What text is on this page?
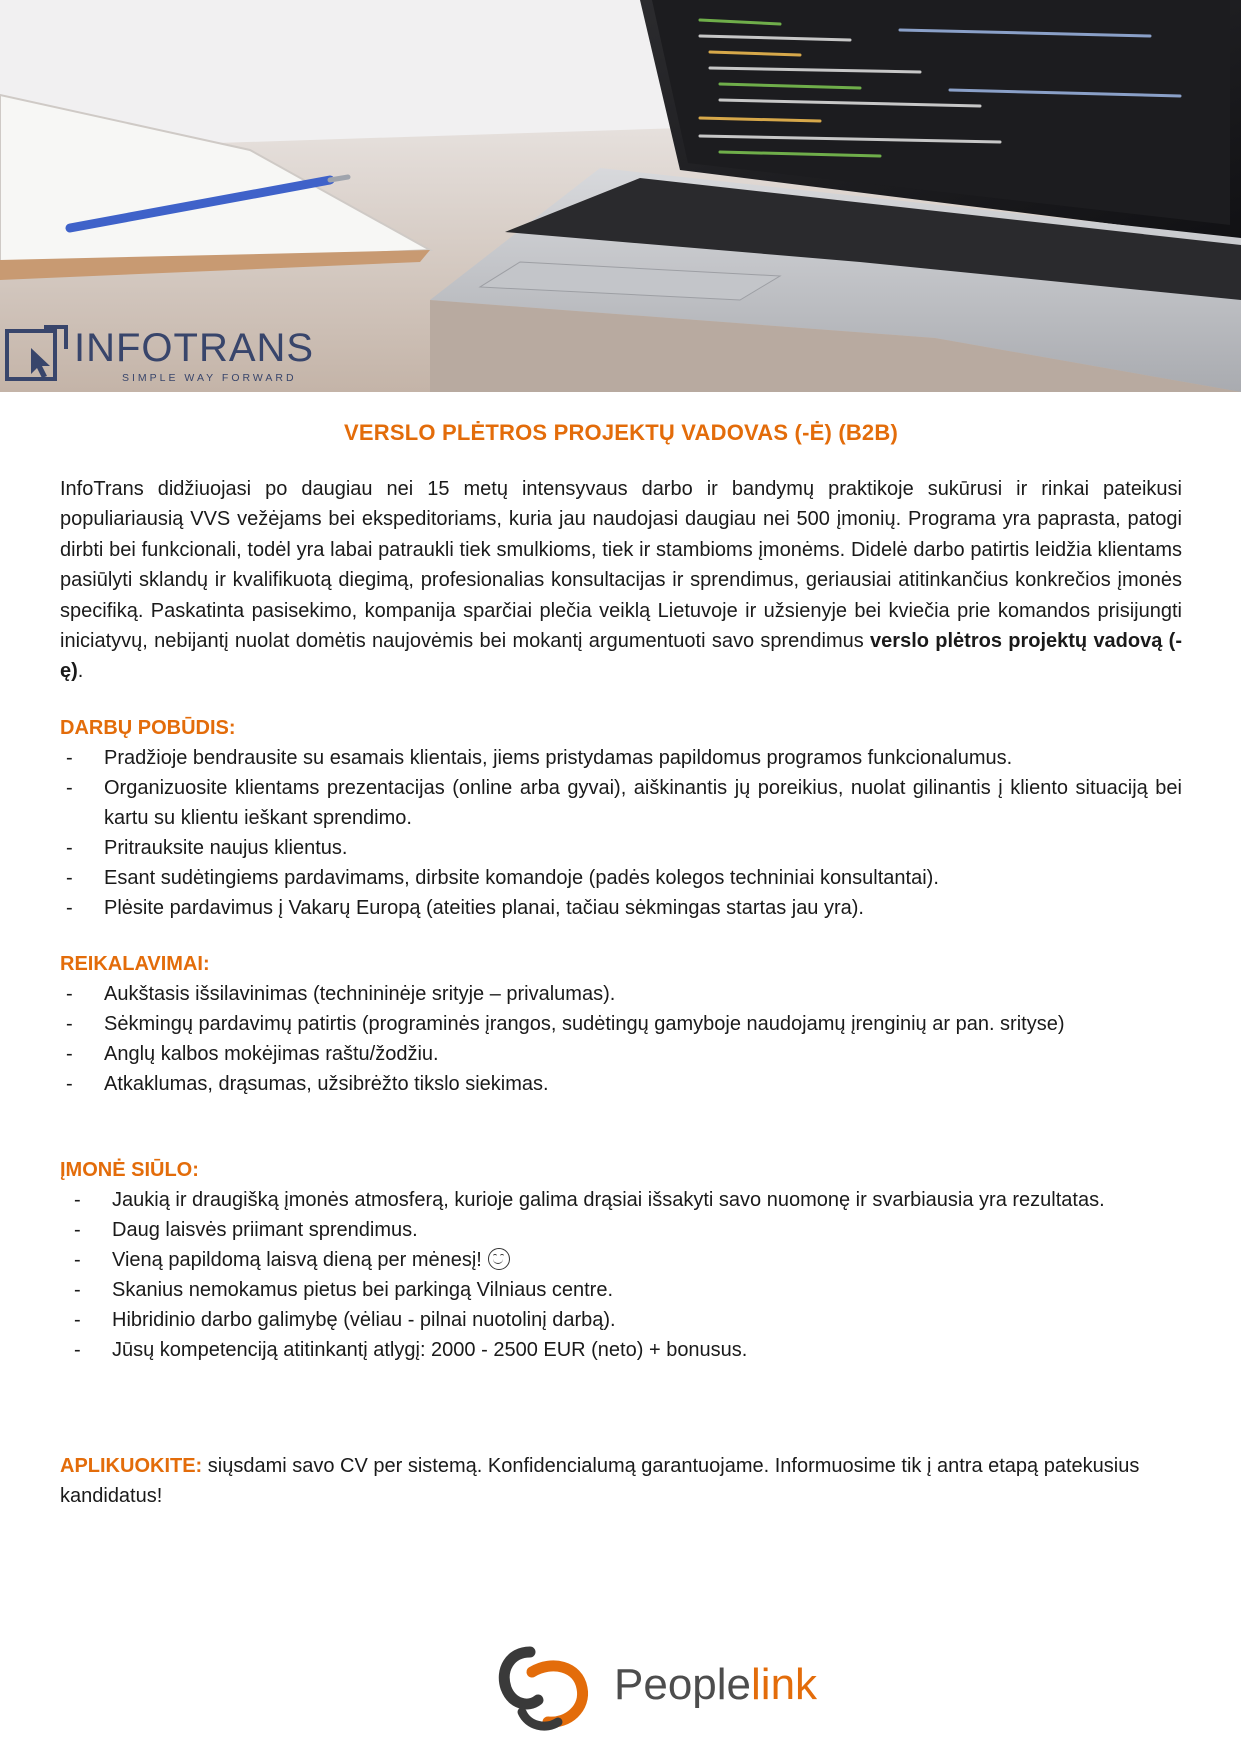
INFOTRANS
SIMPLE WAY FORWARD
VERSLO PLĖTROS PROJEKTŲ VADOVAS (-Ė) (B2B)

InfoTrans didžiuojasi po daugiau nei 15 metų intensyvaus darbo ir bandymų praktikoje sukūrusi ir rinkai pateikusi populiariausią VVS vežėjams bei ekspeditoriams, kuria jau naudojasi daugiau nei 500 įmonių. Programa yra paprasta, patogi dirbti bei funkcionali, todėl yra labai patraukli tiek smulkioms, tiek ir stambioms įmonėms. Didelė darbo patirtis leidžia klientams pasiūlyti sklandų ir kvalifikuotą diegimą, profesionalias konsultacijas ir sprendimus, geriausiai atitinkančius konkrečios įmonės specifiką. Paskatinta pasisekimo, kompanija sparčiai plečia veiklą Lietuvoje ir užsienyje bei kviečia prie komandos prisijungti iniciatyvų, nebijantį nuolat domėtis naujovėmis bei mokantį argumentuoti savo sprendimus verslo plėtros projektų vadovą (-ę).

DARBŲ POBŪDIS:
- Pradžioje bendrausite su esamais klientais, jiems pristydamas papildomus programos funkcionalumus.
- Organizuosite klientams prezentacijas (online arba gyvai), aiškinantis jų poreikius, nuolat gilinantis į kliento situaciją bei kartu su klientu ieškant sprendimo.
- Pritrauksite naujus klientus.
- Esant sudėtingiems pardavimams, dirbsite komandoje (padės kolegos techniniai konsultantai).
- Plėsite pardavimus į Vakarų Europą (ateities planai, tačiau sėkmingas startas jau yra).
REIKALAVIMAI:
- Aukštasis išsilavinimas (technininėje srityje – privalumas).
- Sėkmingų pardavimų patirtis (programinės įrangos, sudėtingų gamyboje naudojamų įrenginių ar pan. srityse)
- Anglų kalbos mokėjimas raštu/žodžiu.
- Atkaklumas, drąsumas, užsibrėžto tikslo siekimas.
ĮMONĖ SIŪLO:
- Jaukią ir draugišką įmonės atmosferą, kurioje galima drąsiai išsakyti savo nuomonę ir svarbiausia yra rezultatas.
- Daug laisvės priimant sprendimus.
- Vieną papildomą laisvą dieną per mėnesį!
- Skanius nemokamus pietus bei parkingą Vilniaus centre.
- Hibridinio darbo galimybę (vėliau - pilnai nuotolinį darbą).
- Jūsų kompetenciją atitinkantį atlygį: 2000 - 2500 EUR (neto) + bonusus.

APLIKUOKITE: siųsdami savo CV per sistemą. Konfidencialumą garantuojame. Informuosime tik į antra etapą patekusius kandidatus!

Peoplelink
